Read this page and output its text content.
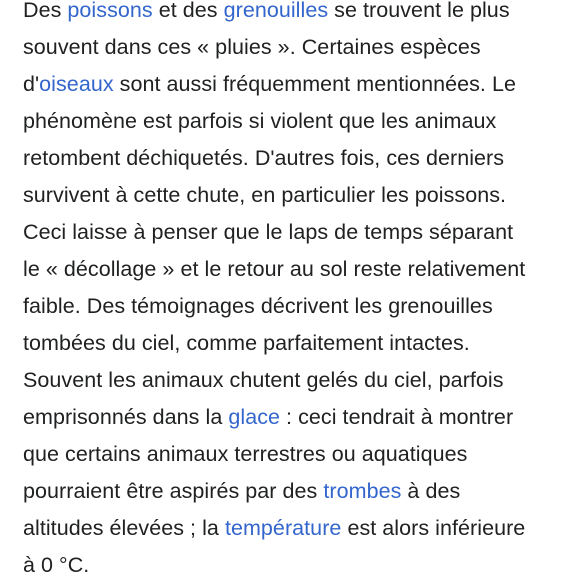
Des poissons et des grenouilles se trouvent le plus
souvent dans ces « pluies ». Certaines espèces
d'oiseaux sont aussi fréquemment mentionnées. Le
phénomène est parfois si violent que les animaux
retombent déchiquetés. D'autres fois, ces derniers
survivent à cette chute, en particulier les poissons.
Ceci laisse à penser que le laps de temps séparant
le « décollage » et le retour au sol reste relativement
faible. Des témoignages décrivent les grenouilles
tombées du ciel, comme parfaitement intactes.
Souvent les animaux chutent gelés du ciel, parfois
emprisonnés dans la glace : ceci tendrait à montrer
que certains animaux terrestres ou aquatiques
pourraient être aspirés par des trombes à des
altitudes élevées ; la température est alors inférieure
à 0 °C.
